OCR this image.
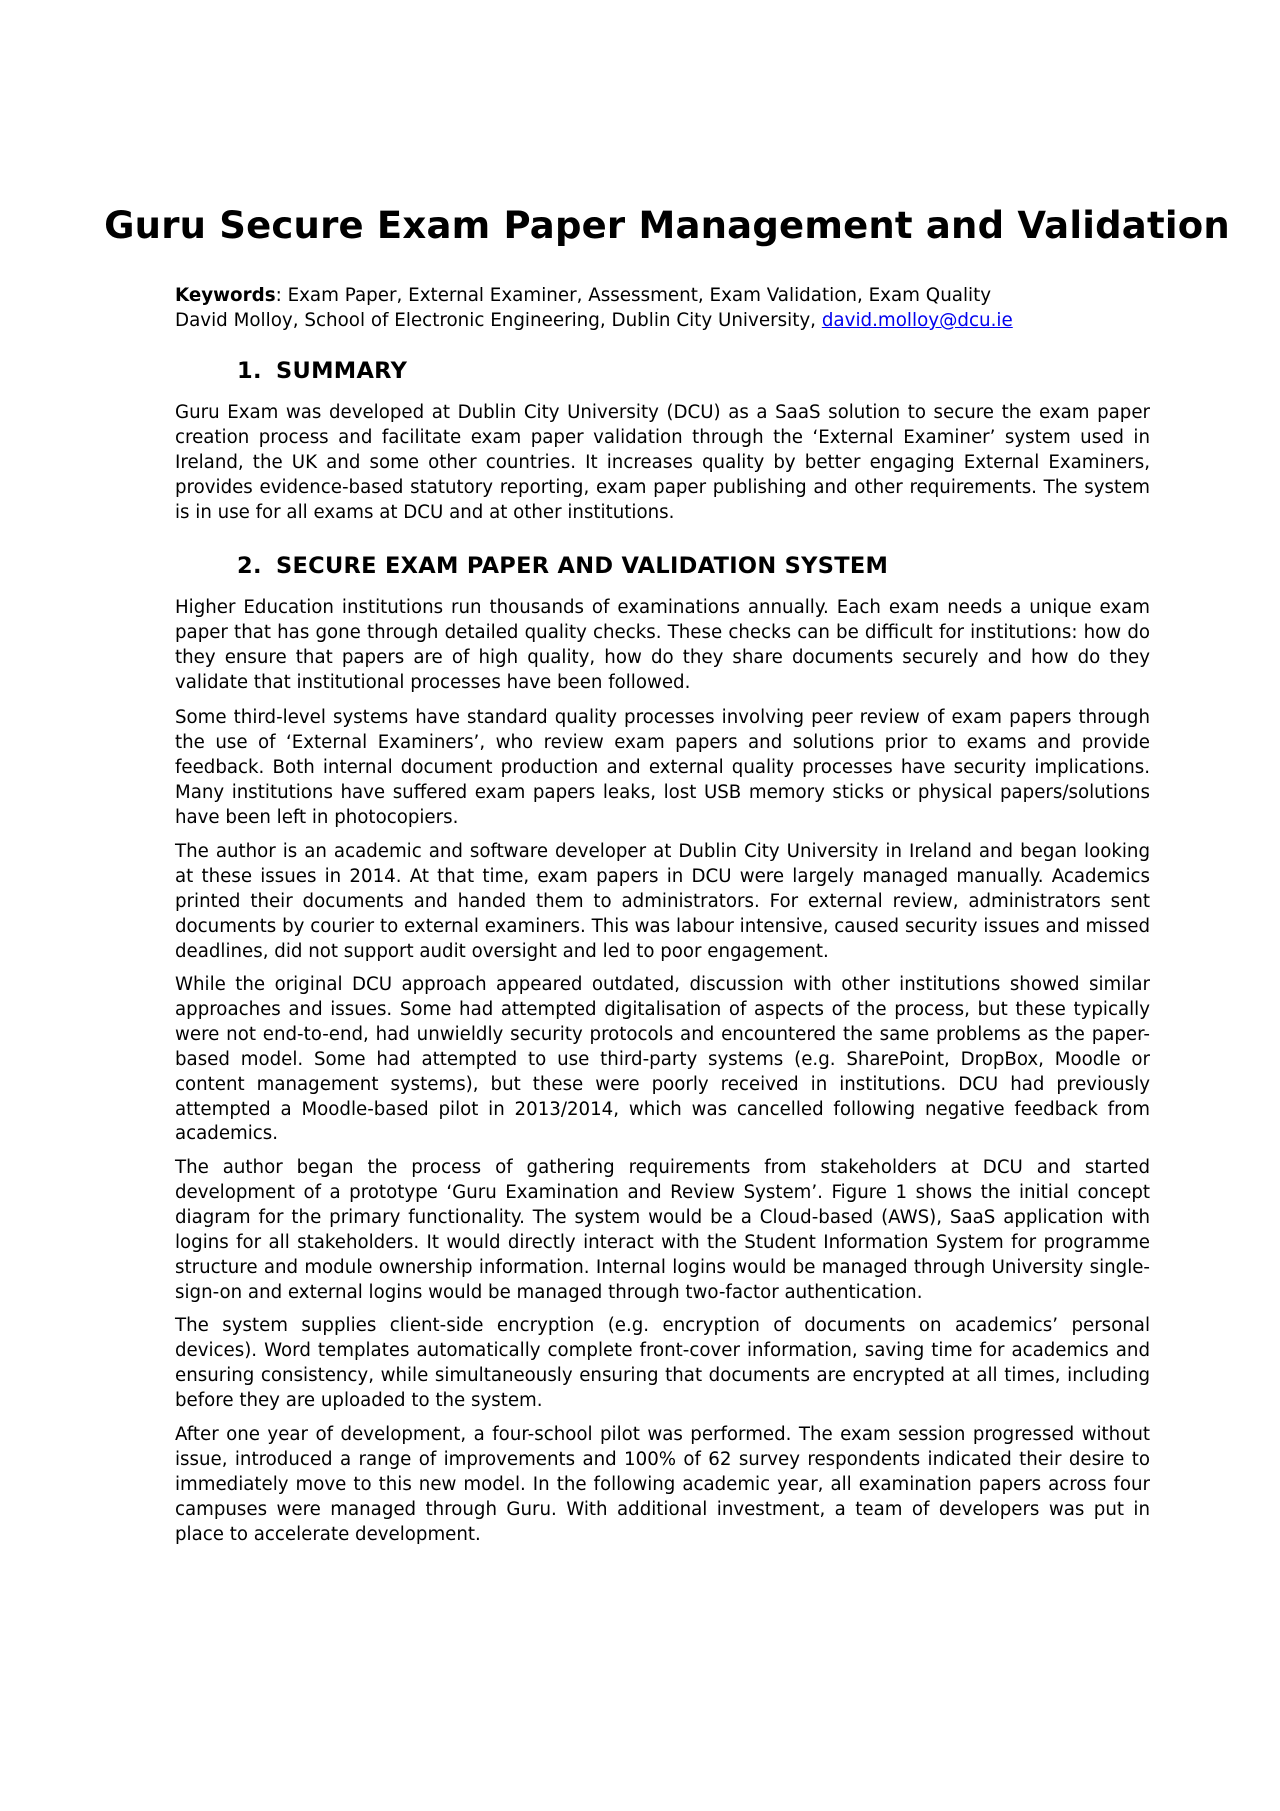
Guru Secure Exam Paper Management and Validation
Keywords: Exam Paper, External Examiner, Assessment, Exam Validation, Exam Quality
David Molloy, School of Electronic Engineering, Dublin City University, david.molloy@dcu.ie
1. SUMMARY

Guru Exam was developed at Dublin City University (DCU) as a SaaS solution to secure the exam paper creation process and facilitate exam paper validation through the ‘External Examiner’ system used in Ireland, the UK and some other countries. It increases quality by better engaging External Examiners, provides evidence-based statutory reporting, exam paper publishing and other requirements. The system is in use for all exams at DCU and at other institutions.

2. SECURE EXAM PAPER AND VALIDATION SYSTEM

Higher Education institutions run thousands of examinations annually. Each exam needs a unique exam paper that has gone through detailed quality checks. These checks can be difficult for institutions: how do they ensure that papers are of high quality, how do they share documents securely and how do they validate that institutional processes have been followed.

Some third-level systems have standard quality processes involving peer review of exam papers through the use of ‘External Examiners’, who review exam papers and solutions prior to exams and provide feedback. Both internal document production and external quality processes have security implications. Many institutions have suffered exam papers leaks, lost USB memory sticks or physical papers/solutions have been left in photocopiers.

The author is an academic and software developer at Dublin City University in Ireland and began looking at these issues in 2014. At that time, exam papers in DCU were largely managed manually. Academics printed their documents and handed them to administrators. For external review, administrators sent documents by courier to external examiners. This was labour intensive, caused security issues and missed deadlines, did not support audit oversight and led to poor engagement.

While the original DCU approach appeared outdated, discussion with other institutions showed similar approaches and issues. Some had attempted digitalisation of aspects of the process, but these typically were not end-to-end, had unwieldly security protocols and encountered the same problems as the paper-based model. Some had attempted to use third-party systems (e.g. SharePoint, DropBox, Moodle or content management systems), but these were poorly received in institutions. DCU had previously attempted a Moodle-based pilot in 2013/2014, which was cancelled following negative feedback from academics.

The author began the process of gathering requirements from stakeholders at DCU and started development of a prototype ‘Guru Examination and Review System’. Figure 1 shows the initial concept diagram for the primary functionality. The system would be a Cloud-based (AWS), SaaS application with logins for all stakeholders. It would directly interact with the Student Information System for programme structure and module ownership information. Internal logins would be managed through University single-sign-on and external logins would be managed through two-factor authentication.

The system supplies client-side encryption (e.g. encryption of documents on academics’ personal devices). Word templates automatically complete front-cover information, saving time for academics and ensuring consistency, while simultaneously ensuring that documents are encrypted at all times, including before they are uploaded to the system.

After one year of development, a four-school pilot was performed. The exam session progressed without issue, introduced a range of improvements and 100% of 62 survey respondents indicated their desire to immediately move to this new model. In the following academic year, all examination papers across four campuses were managed through Guru. With additional investment, a team of developers was put in place to accelerate development.
